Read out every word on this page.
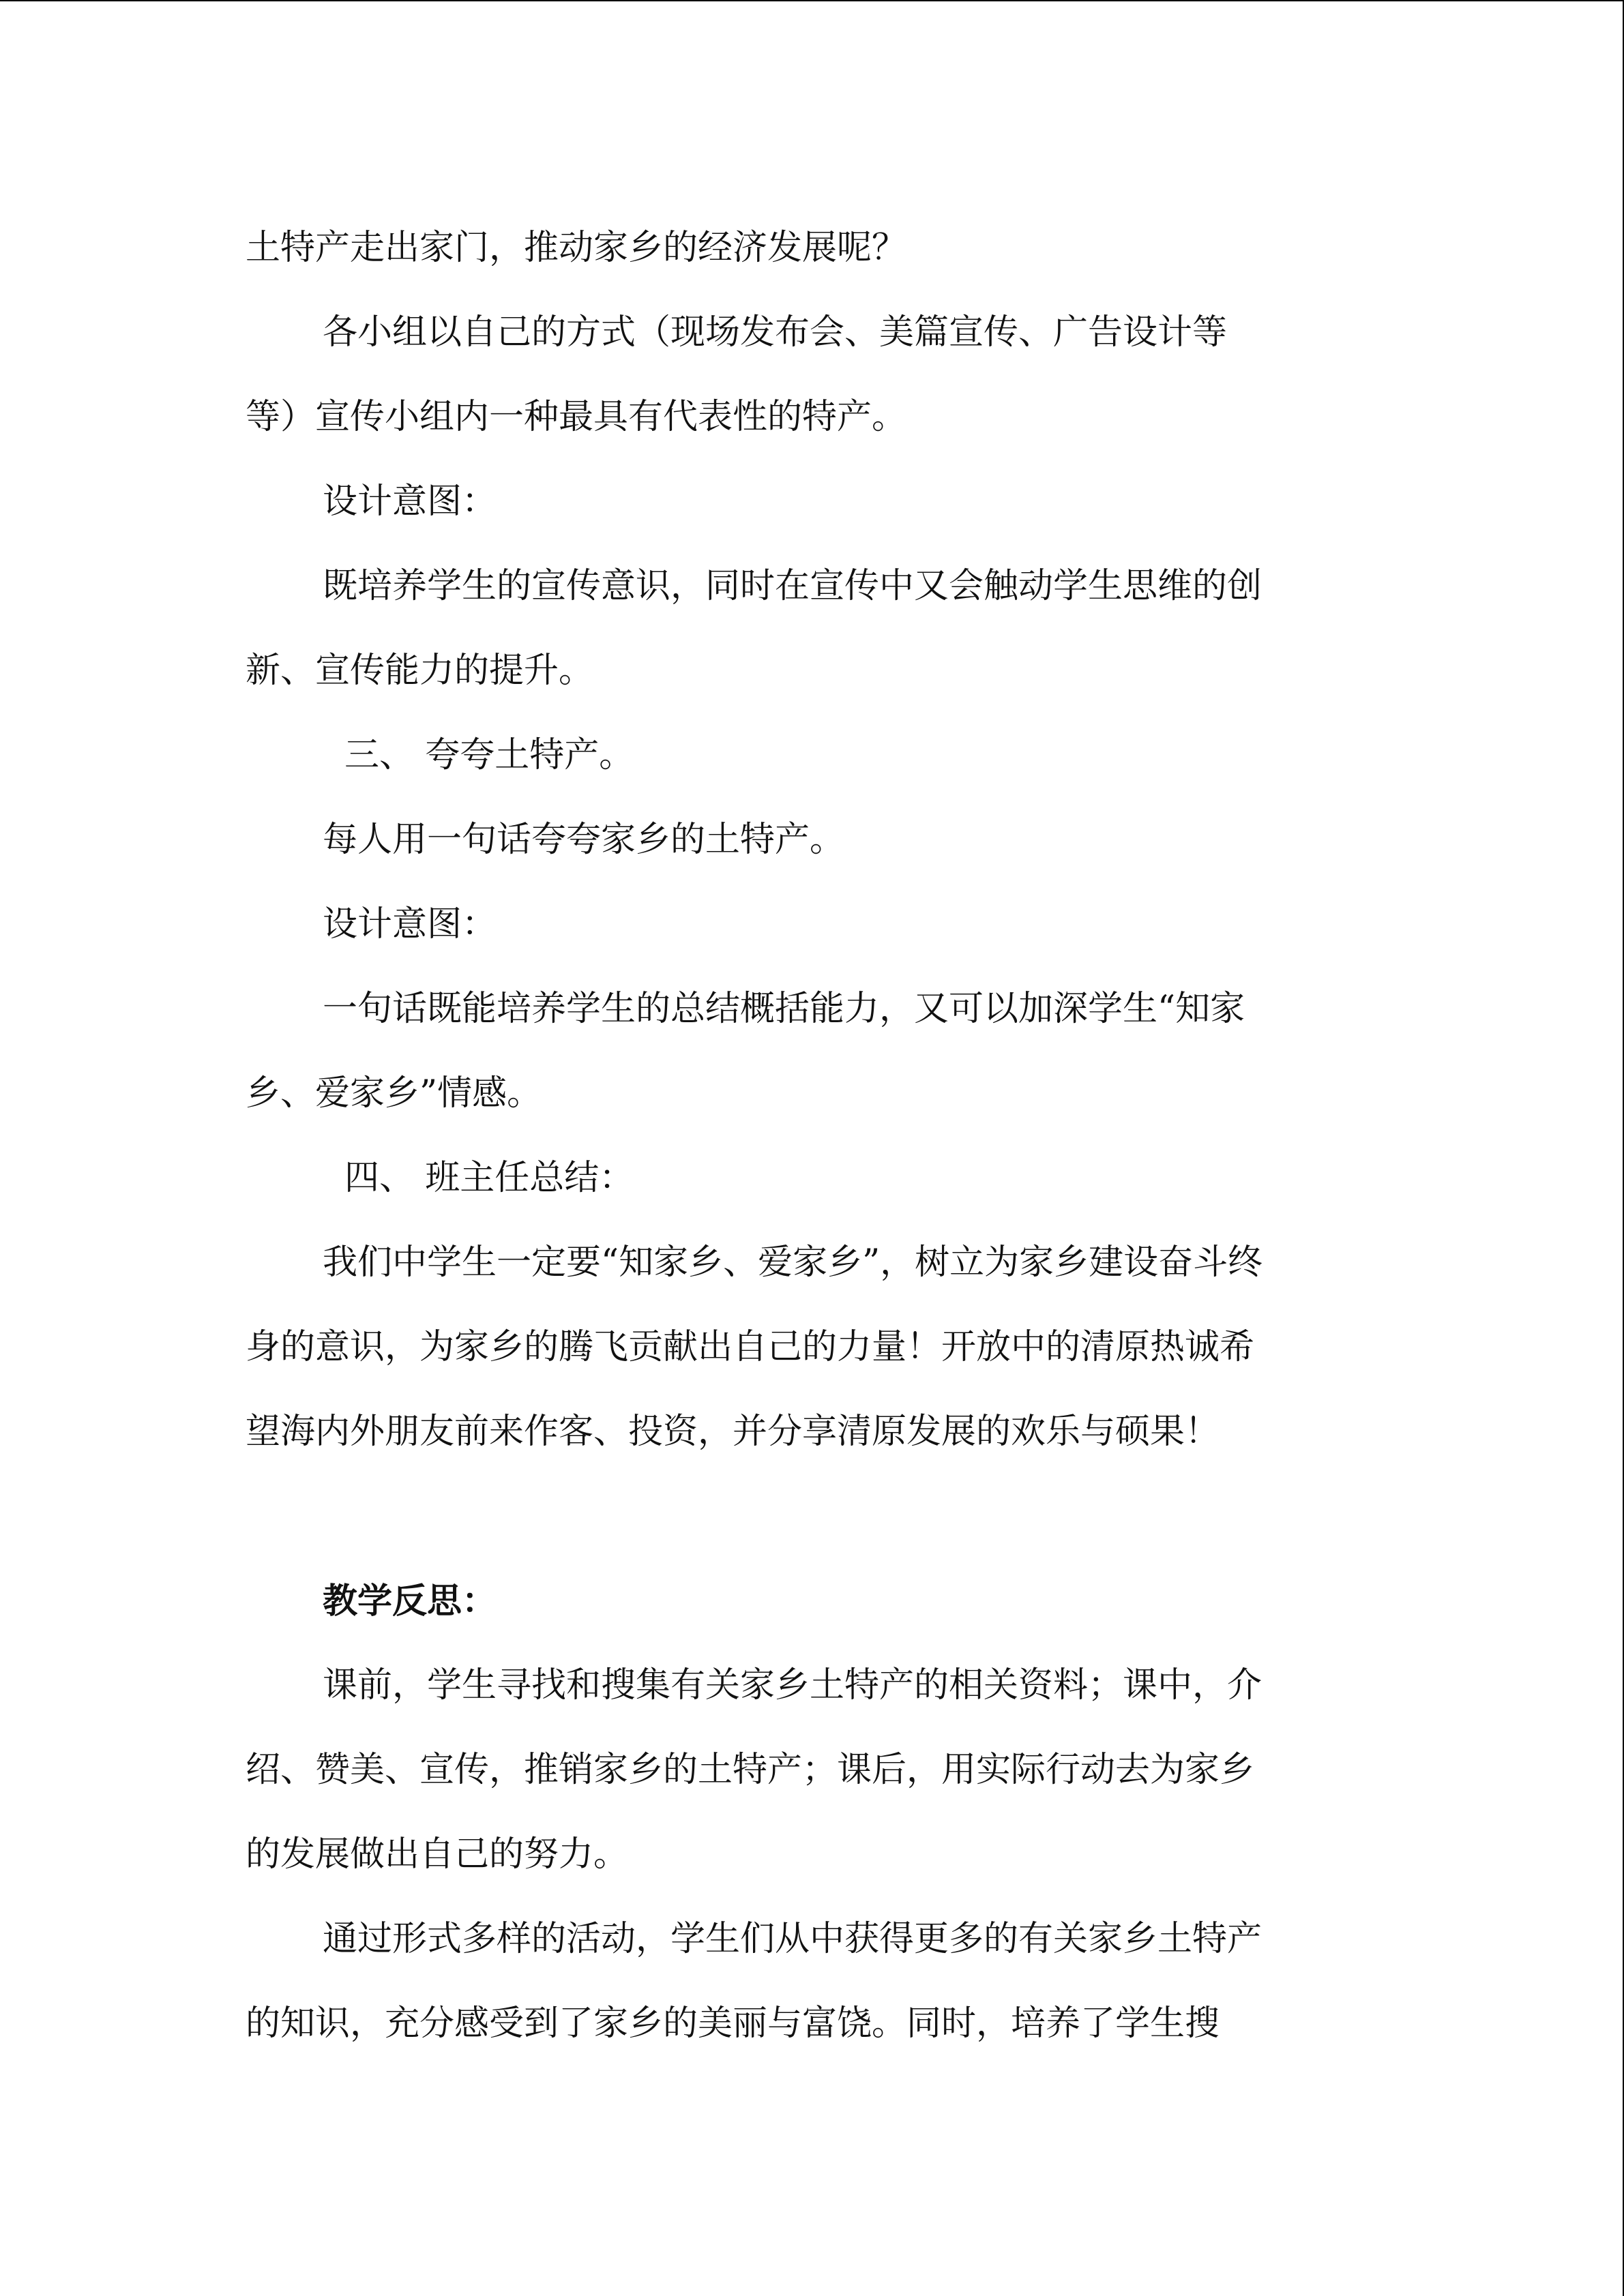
土特产走出家门，推动家乡的经济发展呢？

各小组以自己的方式（现场发布会、美篇宣传、广告设计等

等）宣传小组内一种最具有代表性的特产。

设计意图：

既培养学生的宣传意识，同时在宣传中又会触动学生思维的创

新、宣传能力的提升。

三、 夸夸土特产。

每人用一句话夸夸家乡的土特产。

设计意图：

一句话既能培养学生的总结概括能力，又可以加深学生“知家

乡、爱家乡”情感。

四、 班主任总结：

我们中学生一定要“知家乡、爱家乡”，树立为家乡建设奋斗终

身的意识，为家乡的腾飞贡献出自己的力量！开放中的清原热诚希

望海内外朋友前来作客、投资，并分享清原发展的欢乐与硕果！

教学反思：

课前，学生寻找和搜集有关家乡土特产的相关资料；课中，介

绍、赞美、宣传，推销家乡的土特产；课后，用实际行动去为家乡

的发展做出自己的努力。

通过形式多样的活动，学生们从中获得更多的有关家乡土特产

的知识，充分感受到了家乡的美丽与富饶。同时，培养了学生搜
